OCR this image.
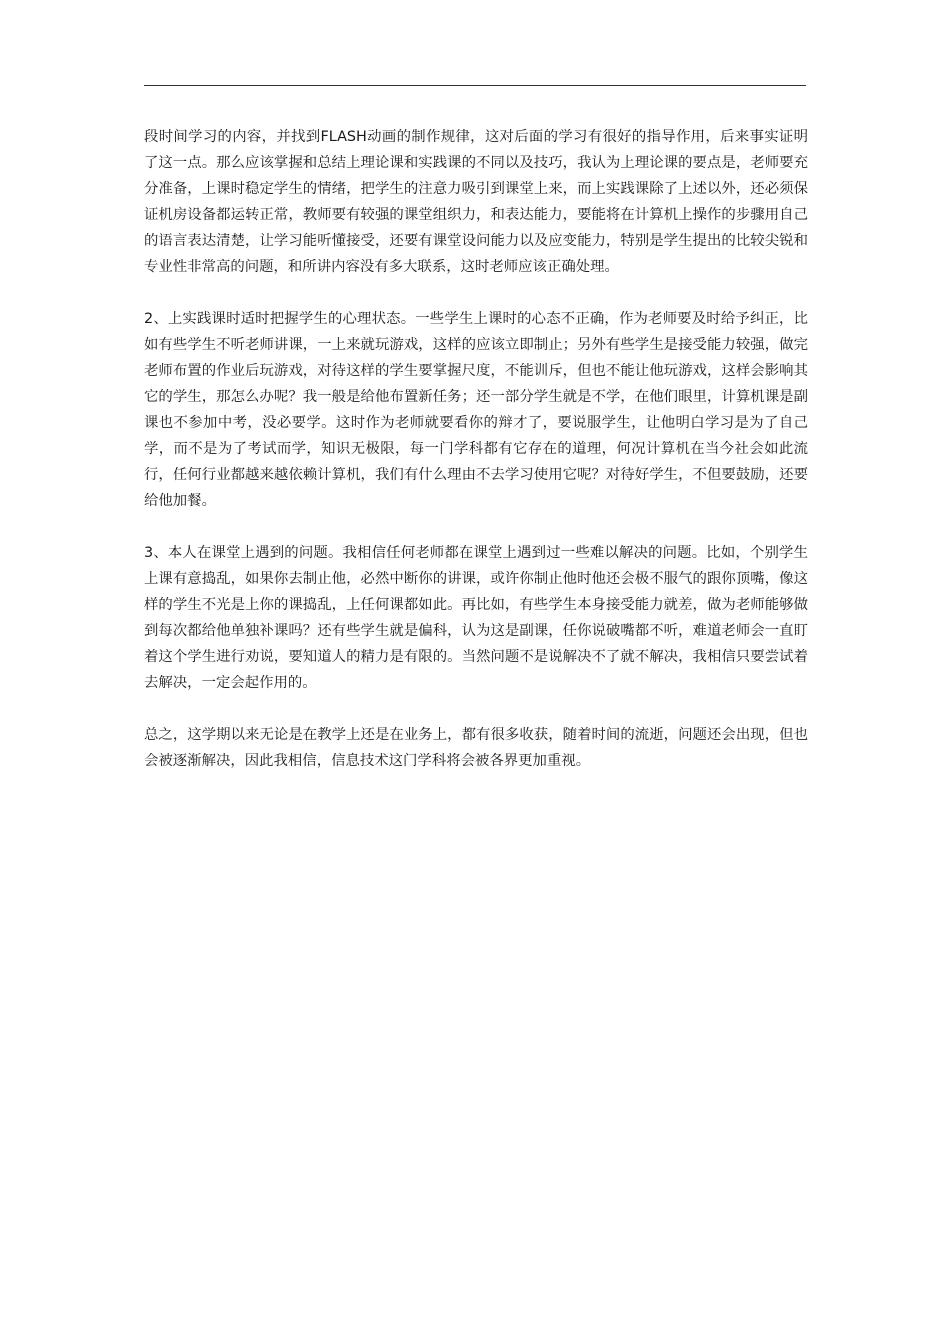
段时间学习的内容，并找到FLASH动画的制作规律，这对后面的学习有很好的指导作用，后来事实证明了这一点。那么应该掌握和总结上理论课和实践课的不同以及技巧，我认为上理论课的要点是，老师要充分准备，上课时稳定学生的情绪，把学生的注意力吸引到课堂上来，而上实践课除了上述以外，还必须保证机房设备都运转正常，教师要有较强的课堂组织力，和表达能力，要能将在计算机上操作的步骤用自己的语言表达清楚，让学习能听懂接受，还要有课堂设问能力以及应变能力，特别是学生提出的比较尖锐和专业性非常高的问题，和所讲内容没有多大联系，这时老师应该正确处理。

2、上实践课时适时把握学生的心理状态。一些学生上课时的心态不正确，作为老师要及时给予纠正，比如有些学生不听老师讲课，一上来就玩游戏，这样的应该立即制止；另外有些学生是接受能力较强，做完老师布置的作业后玩游戏，对待这样的学生要掌握尺度，不能训斥，但也不能让他玩游戏，这样会影响其它的学生，那怎么办呢？我一般是给他布置新任务；还一部分学生就是不学，在他们眼里，计算机课是副课也不参加中考，没必要学。这时作为老师就要看你的辩才了，要说服学生，让他明白学习是为了自己学，而不是为了考试而学，知识无极限，每一门学科都有它存在的道理，何况计算机在当今社会如此流行，任何行业都越来越依赖计算机，我们有什么理由不去学习使用它呢？对待好学生，不但要鼓励，还要给他加餐。

3、本人在课堂上遇到的问题。我相信任何老师都在课堂上遇到过一些难以解决的问题。比如，个别学生上课有意捣乱，如果你去制止他，必然中断你的讲课，或许你制止他时他还会极不服气的跟你顶嘴，像这样的学生不光是上你的课捣乱，上任何课都如此。再比如，有些学生本身接受能力就差，做为老师能够做到每次都给他单独补课吗？还有些学生就是偏科，认为这是副课，任你说破嘴都不听，难道老师会一直盯着这个学生进行劝说，要知道人的精力是有限的。当然问题不是说解决不了就不解决，我相信只要尝试着去解决，一定会起作用的。

总之，这学期以来无论是在教学上还是在业务上，都有很多收获，随着时间的流逝，问题还会出现，但也会被逐渐解决，因此我相信，信息技术这门学科将会被各界更加重视。
